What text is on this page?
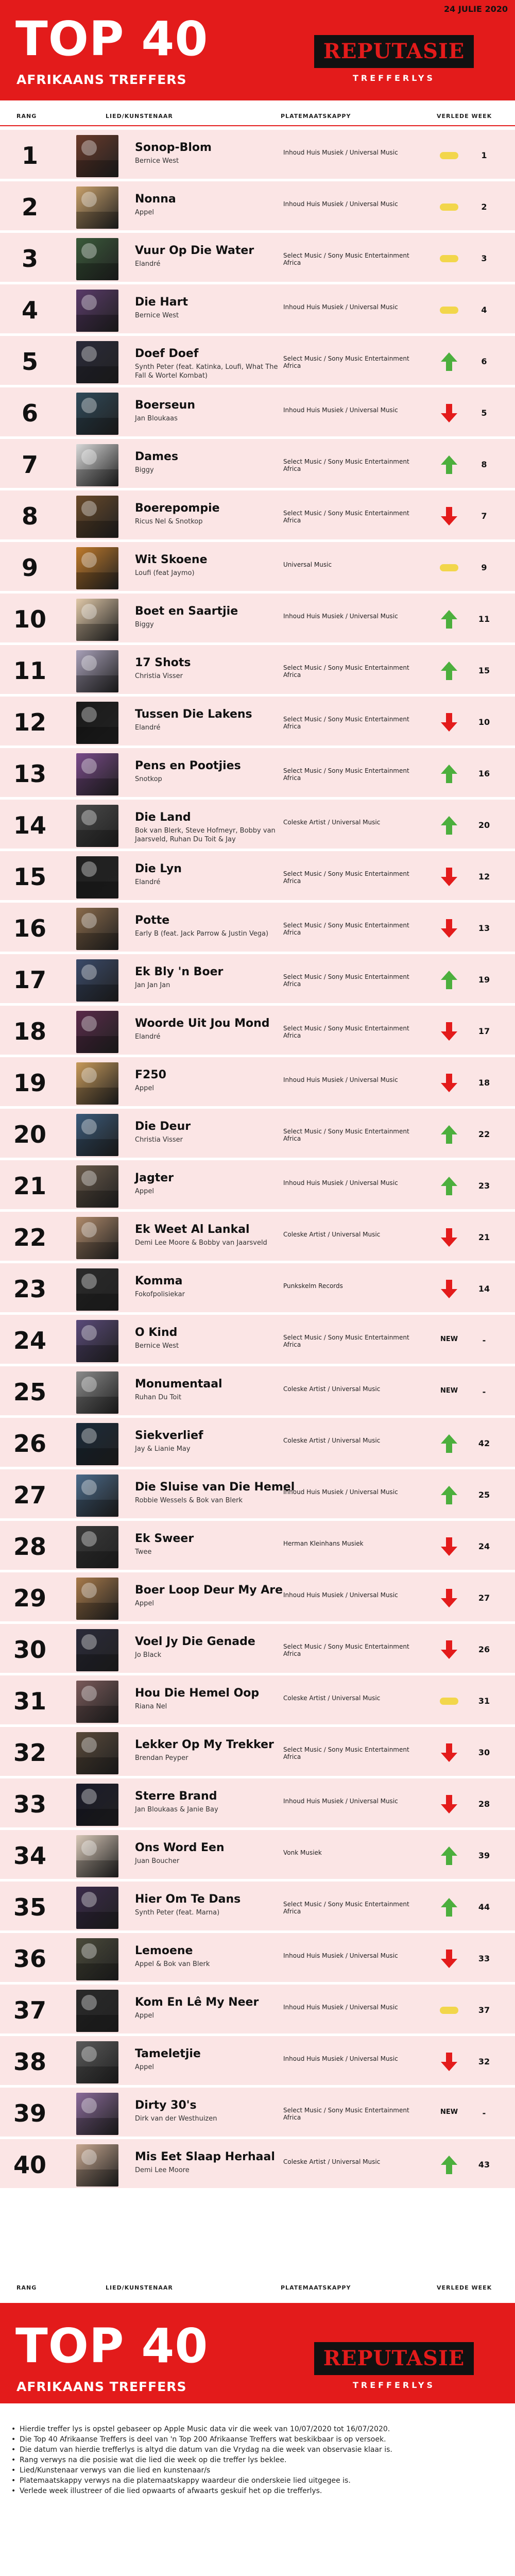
24 JULIE 2020
TOP 40
AFRIKAANS TREFFERS
REPUTASIE
TREFFERLYS
RANG	LIED/KUNSTENAAR	PLATEMAATSKAPPY	VERLEDE WEEK
1	Sonop-Blom
Bernice West
Inhoud Huis Musiek / Universal Music	1
2	Nonna
Appel
Inhoud Huis Musiek / Universal Music	2
3	Vuur Op Die Water
Elandré
Select Music / Sony Music Entertainment Africa	3
4	Die Hart
Bernice West
Inhoud Huis Musiek / Universal Music	4
5	Doef Doef
Synth Peter (feat. Katinka, Loufi, What The Fall & Wortel Kombat)
Select Music / Sony Music Entertainment Africa	6
6	Boerseun
Jan Bloukaas
Inhoud Huis Musiek / Universal Music	5
7	Dames
Biggy
Select Music / Sony Music Entertainment Africa	8
8	Boerepompie
Ricus Nel & Snotkop
Select Music / Sony Music Entertainment Africa	7
9	Wit Skoene
Loufi (feat Jaymo)
Universal Music	9
10	Boet en Saartjie
Biggy
Inhoud Huis Musiek / Universal Music	11
11	17 Shots
Christia Visser
Select Music / Sony Music Entertainment Africa	15
12	Tussen Die Lakens
Elandré
Select Music / Sony Music Entertainment Africa	10
13	Pens en Pootjies
Snotkop
Select Music / Sony Music Entertainment Africa	16
14	Die Land
Bok van Blerk, Steve Hofmeyr, Bobby van Jaarsveld, Ruhan Du Toit & Jay
Coleske Artist / Universal Music	20
15	Die Lyn
Elandré
Select Music / Sony Music Entertainment Africa	12
16	Potte
Early B (feat. Jack Parrow & Justin Vega)
Select Music / Sony Music Entertainment Africa	13
17	Ek Bly 'n Boer
Jan Jan Jan
Select Music / Sony Music Entertainment Africa	19
18	Woorde Uit Jou Mond
Elandré
Select Music / Sony Music Entertainment Africa	17
19	F250
Appel
Inhoud Huis Musiek / Universal Music	18
20	Die Deur
Christia Visser
Select Music / Sony Music Entertainment Africa	22
21	Jagter
Appel
Inhoud Huis Musiek / Universal Music	23
22	Ek Weet Al Lankal
Demi Lee Moore & Bobby van Jaarsveld
Coleske Artist / Universal Music	21
23	Komma
Fokofpolisiekar
Punkskelm Records	14
24	O Kind
Bernice West
Select Music / Sony Music Entertainment Africa
NEW	-
25	Monumentaal
Ruhan Du Toit
Coleske Artist / Universal Music	NEW	-
26	Siekverlief
Jay & Lianie May
Coleske Artist / Universal Music	42
27	Die Sluise van Die Hemel
Robbie Wessels & Bok van Blerk
Inhoud Huis Musiek / Universal Music	25
28	Ek Sweer
Twee
Herman Kleinhans Musiek	24
29	Boer Loop Deur My Are
Appel
Inhoud Huis Musiek / Universal Music	27
30	Voel Jy Die Genade
Jo Black
Select Music / Sony Music Entertainment Africa	26
31	Hou Die Hemel Oop
Riana Nel
Coleske Artist / Universal Music	31
32	Lekker Op My Trekker
Brendan Peyper
Select Music / Sony Music Entertainment Africa	30
33	Sterre Brand
Jan Bloukaas & Janie Bay
Inhoud Huis Musiek / Universal Music	28
34	Ons Word Een
Juan Boucher
Vonk Musiek	39
35	Hier Om Te Dans
Synth Peter (feat. Marna)
Select Music / Sony Music Entertainment Africa	44
36	Lemoene
Appel & Bok van Blerk
Inhoud Huis Musiek / Universal Music	33
37	Kom En Lê My Neer
Appel
Inhoud Huis Musiek / Universal Music	37
38	Tameletjie
Appel
Inhoud Huis Musiek / Universal Music	32
39	Dirty 30's
Dirk van der Westhuizen
Select Music / Sony Music Entertainment Africa
NEW	-
40	Mis Eet Slaap Herhaal
Demi Lee Moore
Coleske Artist / Universal Music	43
RANG	LIED/KUNSTENAAR	PLATEMAATSKAPPY	VERLEDE WEEK
TOP 40
AFRIKAANS TREFFERS
REPUTASIE
TREFFERLYS
• Hierdie treffer lys is opstel gebaseer op Apple Music data vir die week van 10/07/2020 tot 16/07/2020.
• Die Top 40 Afrikaanse Treffers is deel van 'n Top 200 Afrikaanse Treffers wat beskikbaar is op versoek.
• Die datum van hierdie trefferlys is altyd die datum van die Vrydag na die week van observasie klaar is.
• Rang verwys na die posisie wat die lied die week op die treffer lys beklee.
• Lied/Kunstenaar verwys van die lied en kunstenaar/s
• Platemaatskappy verwys na die platemaatskappy waardeur die onderskeie lied uitgegee is.
• Verlede week illustreer of die lied opwaarts of afwaarts geskuif het op die trefferlys.
